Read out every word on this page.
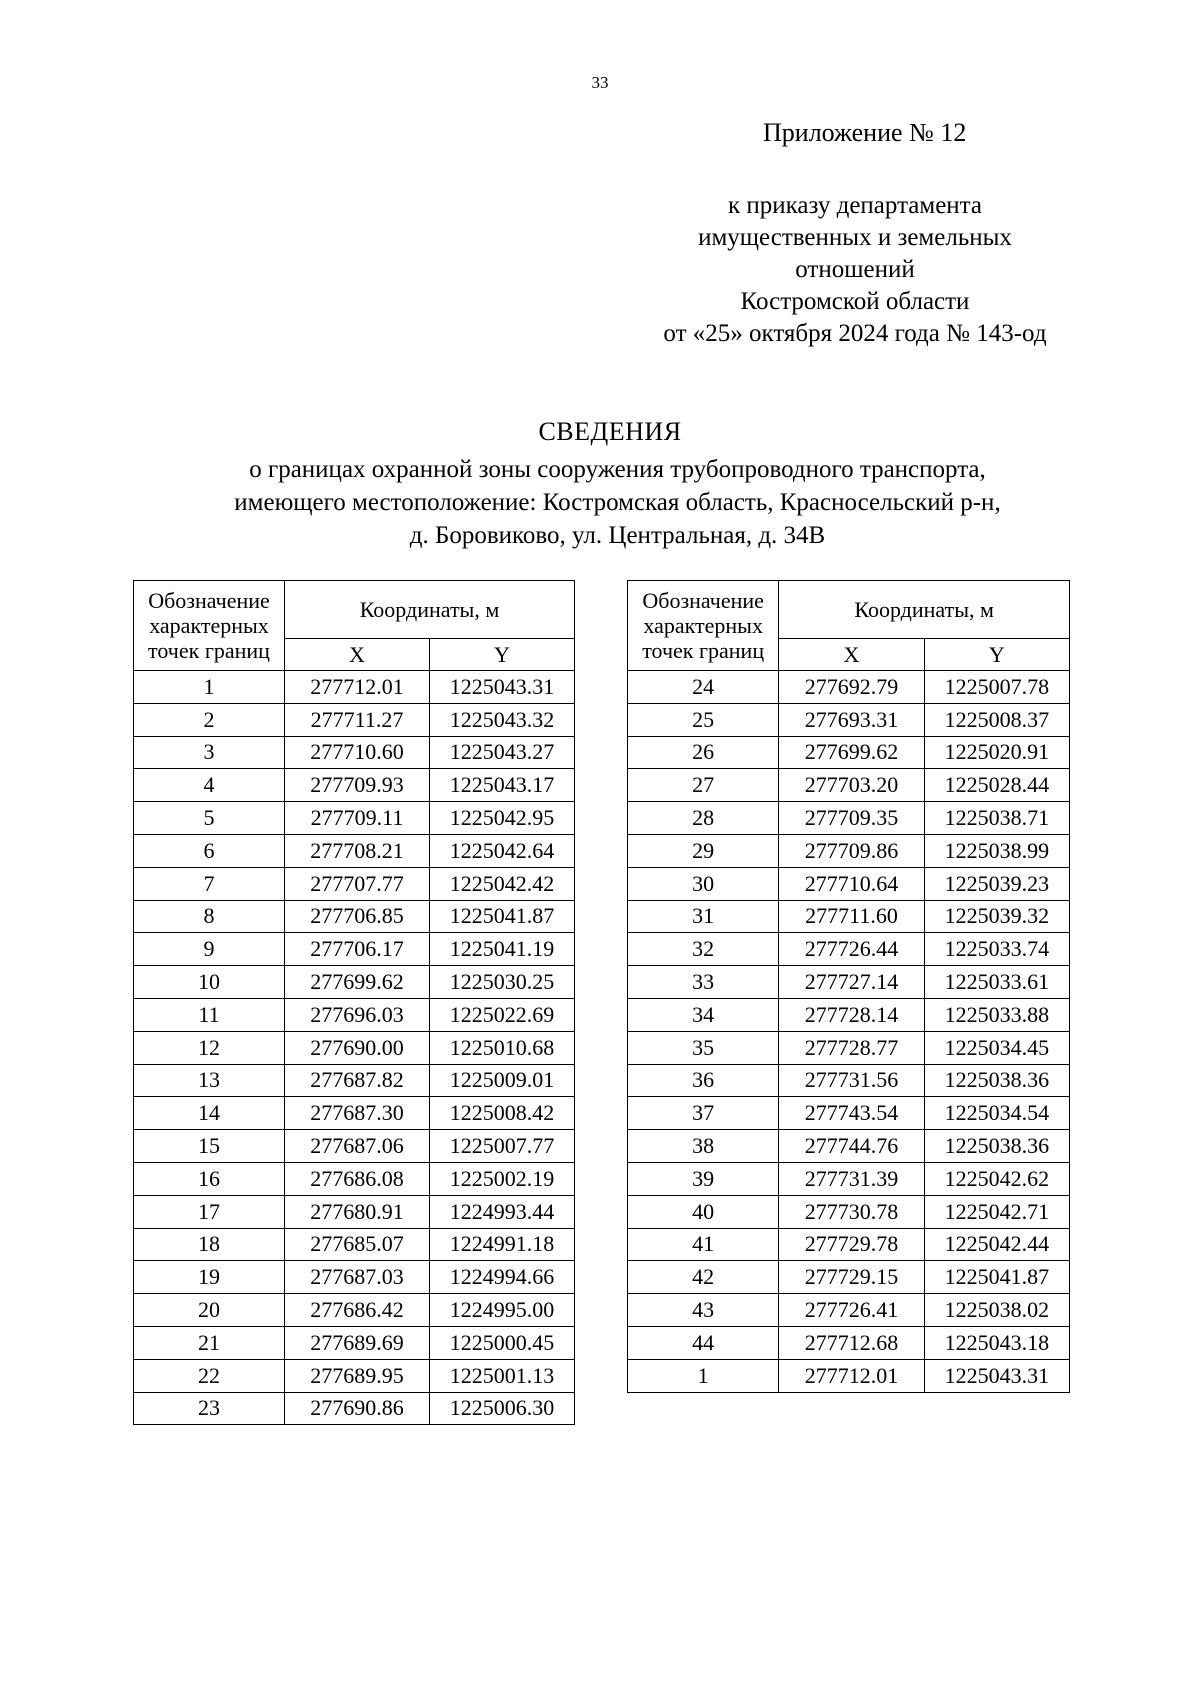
33
Приложение № 12
к приказу департамента
имущественных и земельных
отношений
Костромской области
от «25» октября 2024 года № 143-од
СВЕДЕНИЯ
о границах охранной зоны сооружения трубопроводного транспорта,
имеющего местоположение: Костромская область, Красносельский р-н,
д. Боровиково, ул. Центральная, д. 34В
Обозначение
характерных
точек границ	Координаты, м	
	X	Y
1	277712.01	1225043.31
2	277711.27	1225043.32
3	277710.60	1225043.27
4	277709.93	1225043.17
5	277709.11	1225042.95
6	277708.21	1225042.64
7	277707.77	1225042.42
8	277706.85	1225041.87
9	277706.17	1225041.19
10	277699.62	1225030.25
11	277696.03	1225022.69
12	277690.00	1225010.68
13	277687.82	1225009.01
14	277687.30	1225008.42
15	277687.06	1225007.77
16	277686.08	1225002.19
17	277680.91	1224993.44
18	277685.07	1224991.18
19	277687.03	1224994.66
20	277686.42	1224995.00
21	277689.69	1225000.45
22	277689.95	1225001.13
23	277690.86	1225006.30
Обозначение
характерных
точек границ	Координаты, м	
	X	Y
24	277692.79	1225007.78
25	277693.31	1225008.37
26	277699.62	1225020.91
27	277703.20	1225028.44
28	277709.35	1225038.71
29	277709.86	1225038.99
30	277710.64	1225039.23
31	277711.60	1225039.32
32	277726.44	1225033.74
33	277727.14	1225033.61
34	277728.14	1225033.88
35	277728.77	1225034.45
36	277731.56	1225038.36
37	277743.54	1225034.54
38	277744.76	1225038.36
39	277731.39	1225042.62
40	277730.78	1225042.71
41	277729.78	1225042.44
42	277729.15	1225041.87
43	277726.41	1225038.02
44	277712.68	1225043.18
1	277712.01	1225043.31
